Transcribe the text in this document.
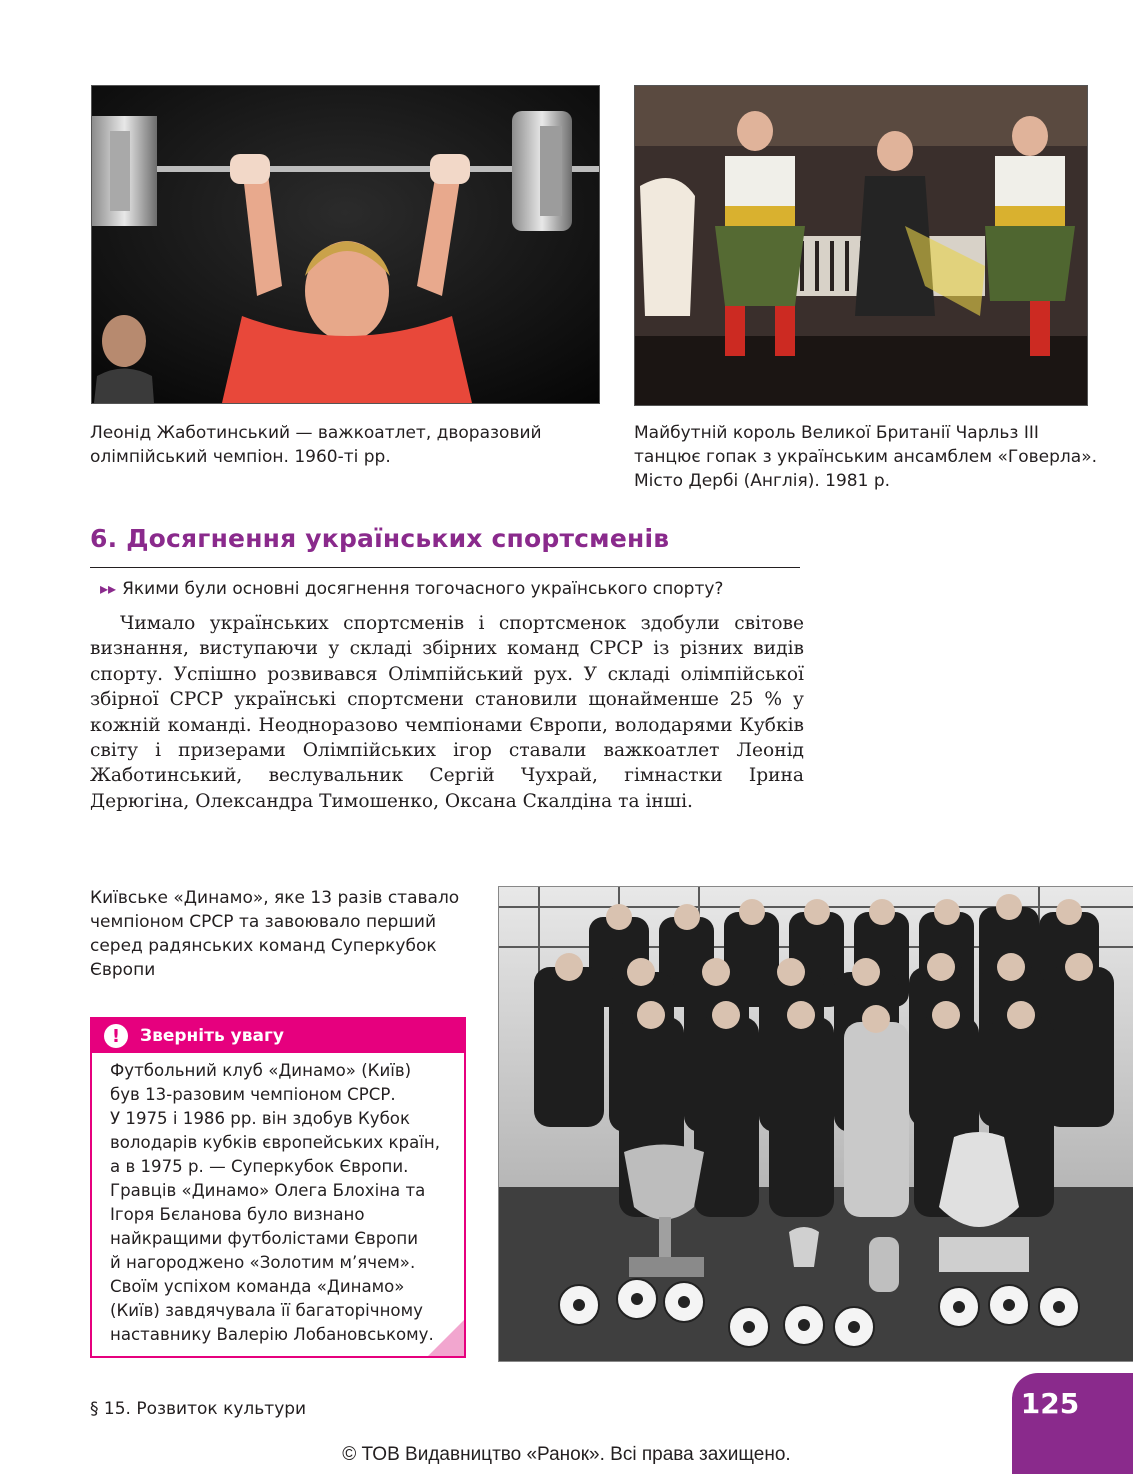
Леонід Жаботинський — важкоатлет, дворазовий
олімпійський чемпіон. 1960-ті рр.
Майбутній король Великої Британії Чарльз III
танцює гопак з українським ансамблем «Говерла».
Місто Дербі (Англія). 1981 р.
6. Досягнення українських спортсменів
▸▸ Якими були основні досягнення тогочасного українського спорту?

Чимало українських спортсменів і спортсменок здобули світове визнання, виступаючи у складі збірних команд СРСР із різних видів спорту. Успішно розвивався Олімпійський рух. У складі олімпійської збірної СРСР українські спортсмени становили щонайменше 25 % у кожній команді. Неодноразово чемпіонами Європи, володарями Кубків світу і призерами Олімпійських ігор ставали важкоатлет Леонід Жаботинський, веслувальник Сергій Чухрай, гімнастки Ірина Дерюгіна, Олександра Тимошенко, Оксана Скалдіна та інші.

Київське «Динамо», яке 13 разів ставало
чемпіоном СРСР та завоювало перший
серед радянських команд Суперкубок
Європи
!	Зверніть увагу
Футбольний клуб «Динамо» (Київ)
був 13-разовим чемпіоном СРСР.
У 1975 і 1986 рр. він здобув Кубок
володарів кубків європейських країн,
а в 1975 р. — Суперкубок Європи.
Гравців «Динамо» Олега Блохіна та
Ігоря Бєланова було визнано
найкращими футболістами Європи
й нагороджено «Золотим м’ячем».
Своїм успіхом команда «Динамо»
(Київ) завдячувала її багаторічному
наставнику Валерію Лобановському.
§ 15. Розвиток культури	125
© ТОВ Видавництво «Ранок». Всі права захищено.
